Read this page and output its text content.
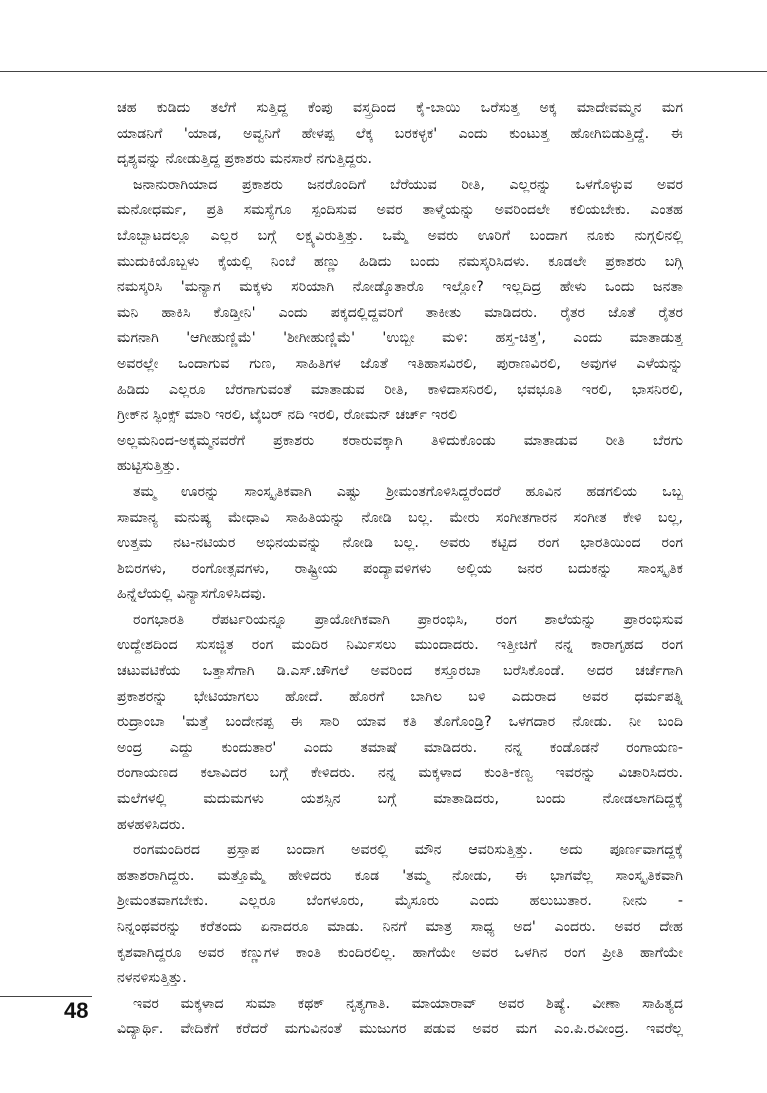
ಚಹ ಕುಡಿದು ತಲೆಗೆ ಸುತ್ತಿದ್ದ ಕೆಂಪು ವಸ್ತ್ರದಿಂದ ಕೈ-ಬಾಯಿ ಒರೆಸುತ್ತ ಅಕ್ಕ ಮಾದೇವಮ್ಮನ ಮಗ
ಯಾಡನಿಗೆ 'ಯಾಡ, ಅವ್ವನಿಗೆ ಹೇಳಪ್ಪ ಲೆಕ್ಕ ಬರಕಳ್ಳಕ' ಎಂದು ಕುಂಟುತ್ತ ಹೋಗಿಬಿಡುತ್ತಿದ್ದೆ. ಈ
ದೃಶ್ಯವನ್ನು ನೋಡುತ್ತಿದ್ದ ಪ್ರಕಾಶರು ಮನಸಾರೆ ನಗುತ್ತಿದ್ದರು.
ಜನಾನುರಾಗಿಯಾದ ಪ್ರಕಾಶರು ಜನರೊಂದಿಗೆ ಬೆರೆಯುವ ರೀತಿ, ಎಲ್ಲರನ್ನು ಒಳಗೊಳ್ಳುವ ಅವರ
ಮನೋಧರ್ಮ, ಪ್ರತಿ ಸಮಸ್ಯೆಗೂ ಸ್ಪಂದಿಸುವ ಅವರ ತಾಳ್ಮೆಯನ್ನು ಅವರಿಂದಲೇ ಕಲಿಯಬೇಕು. ಎಂತಹ
ಬೊಬ್ಬಾಟದಲ್ಲೂ ಎಲ್ಲರ ಬಗ್ಗೆ ಲಕ್ಷ್ಯವಿರುತ್ತಿತ್ತು. ಒಮ್ಮೆ ಅವರು ಊರಿಗೆ ಬಂದಾಗ ನೂಕು ನುಗ್ಗಲಿನಲ್ಲಿ
ಮುದುಕಿಯೊಬ್ಬಳು ಕೈಯಲ್ಲಿ ನಿಂಬೆ ಹಣ್ಣು ಹಿಡಿದು ಬಂದು ನಮಸ್ಕರಿಸಿದಳು. ಕೂಡಲೇ ಪ್ರಕಾಶರು ಬಗ್ಗಿ
ನಮಸ್ಕರಿಸಿ 'ಮನ್ಯಾಗ ಮಕ್ಕಳು ಸರಿಯಾಗಿ ನೋಡ್ಕೊತಾರೊ ಇಲ್ಲೋ? ಇಲ್ಲದಿದ್ರ ಹೇಳು ಒಂದು ಜನತಾ
ಮನಿ ಹಾಕಿಸಿ ಕೊಡ್ತೀನಿ' ಎಂದು ಪಕ್ಕದಲ್ಲಿದ್ದವರಿಗೆ ತಾಕೀತು ಮಾಡಿದರು. ರೈತರ ಜೊತೆ ರೈತರ
ಮಗನಾಗಿ 'ಆಗೀಹುಣ್ಣಿಮೆ' 'ಶೀಗೀಹುಣ್ಣಿಮೆ' 'ಉಬ್ಬೀ ಮಳಿ: ಹಸ್ತ-ಚಿತ್ತ', ಎಂದು ಮಾತಾಡುತ್ತ
ಅವರಲ್ಲೇ ಒಂದಾಗುವ ಗುಣ, ಸಾಹಿತಿಗಳ ಜೊತೆ ಇತಿಹಾಸವಿರಲಿ, ಪುರಾಣವಿರಲಿ, ಅವುಗಳ ಎಳೆಯನ್ನು
ಹಿಡಿದು ಎಲ್ಲರೂ ಬೆರಗಾಗುವಂತೆ ಮಾತಾಡುವ ರೀತಿ, ಕಾಳಿದಾಸನಿರಲಿ, ಭವಭೂತಿ ಇರಲಿ, ಭಾಸನಿರಲಿ,
ಗ್ರೀಕ್‌ನ ಸ್ಫಿಂಕ್ಸ್ ಮಾರಿ ಇರಲಿ, ಟೈಬರ್ ನದಿ ಇರಲಿ, ರೋಮನ್ ಚರ್ಚ್ ಇರಲಿ
ಅಲ್ಲಮನಿಂದ-ಅಕ್ಕಮ್ಮನವರೆಗೆ ಪ್ರಕಾಶರು ಕರಾರುವಕ್ಕಾಗಿ ತಿಳಿದುಕೊಂಡು ಮಾತಾಡುವ ರೀತಿ ಬೆರಗು
ಹುಟ್ಟಿಸುತ್ತಿತ್ತು.
ತಮ್ಮ ಊರನ್ನು ಸಾಂಸ್ಕೃತಿಕವಾಗಿ ಎಷ್ಟು ಶ್ರೀಮಂತಗೊಳಿಸಿದ್ದರೆಂದರೆ ಹೂವಿನ ಹಡಗಲಿಯ ಒಬ್ಬ
ಸಾಮಾನ್ಯ ಮನುಷ್ಯ ಮೇಧಾವಿ ಸಾಹಿತಿಯನ್ನು ನೋಡಿ ಬಲ್ಲ. ಮೇರು ಸಂಗೀತಗಾರನ ಸಂಗೀತ ಕೇಳಿ ಬಲ್ಲ,
ಉತ್ತಮ ನಟ-ನಟಿಯರ ಅಭಿನಯವನ್ನು ನೋಡಿ ಬಲ್ಲ. ಅವರು ಕಟ್ಟಿದ ರಂಗ ಭಾರತಿಯಿಂದ ರಂಗ
ಶಿಬಿರಗಳು, ರಂಗೋತ್ಸವಗಳು, ರಾಷ್ಟ್ರೀಯ ಪಂದ್ಯಾವಳಿಗಳು ಅಲ್ಲಿಯ ಜನರ ಬದುಕನ್ನು ಸಾಂಸ್ಕೃತಿಕ
ಹಿನ್ನೆಲೆಯಲ್ಲಿ ವಿನ್ಯಾಸಗೊಳಿಸಿದವು.
ರಂಗಭಾರತಿ ರೆಪರ್ಟರಿಯನ್ನೂ ಪ್ರಾಯೋಗಿಕವಾಗಿ ಪ್ರಾರಂಭಿಸಿ, ರಂಗ ಶಾಲೆಯನ್ನು ಪ್ರಾರಂಭಿಸುವ
ಉದ್ದೇಶದಿಂದ ಸುಸಜ್ಜಿತ ರಂಗ ಮಂದಿರ ನಿರ್ಮಿಸಲು ಮುಂದಾದರು. ಇತ್ತೀಚಿಗೆ ನನ್ನ ಕಾರಾಗೃಹದ ರಂಗ
ಚಟುವಟಿಕೆಯ ಒತ್ತಾಸೆಗಾಗಿ ಡಿ.ಎಸ್.ಚೌಗಲೆ ಅವರಿಂದ ಕಸ್ತೂರಬಾ ಬರೆಸಿಕೊಂಡೆ. ಅದರ ಚರ್ಚೆಗಾಗಿ
ಪ್ರಕಾಶರನ್ನು ಭೇಟಿಯಾಗಲು ಹೋದೆ. ಹೊರಗೆ ಬಾಗಿಲ ಬಳಿ ಎದುರಾದ ಅವರ ಧರ್ಮಪತ್ನಿ
ರುದ್ರಾಂಬಾ 'ಮತ್ತೆ ಬಂದೇನಪ್ಪ ಈ ಸಾರಿ ಯಾವ ಕತಿ ತೊಗೊಂಡ್ರಿ? ಒಳಗದಾರ ನೋಡು. ನೀ ಬಂದಿ
ಅಂದ್ರ ಎದ್ದು ಕುಂದುತಾರ' ಎಂದು ತಮಾಷೆ ಮಾಡಿದರು. ನನ್ನ ಕಂಡೊಡನೆ ರಂಗಾಯಣ-
ರಂಗಾಯಣದ ಕಲಾವಿದರ ಬಗ್ಗೆ ಕೇಳಿದರು. ನನ್ನ ಮಕ್ಕಳಾದ ಕುಂತಿ-ಕಣ್ವ ಇವರನ್ನು ವಿಚಾರಿಸಿದರು.
ಮಲೆಗಳಲ್ಲಿ ಮದುಮಗಳು ಯಶಸ್ಸಿನ ಬಗ್ಗೆ ಮಾತಾಡಿದರು, ಬಂದು ನೋಡಲಾಗದಿದ್ದಕ್ಕೆ
ಹಳಹಳಿಸಿದರು.
ರಂಗಮಂದಿರದ ಪ್ರಸ್ತಾಪ ಬಂದಾಗ ಅವರಲ್ಲಿ ಮೌನ ಆವರಿಸುತ್ತಿತ್ತು. ಅದು ಪೂರ್ಣವಾಗದ್ದಕ್ಕೆ
ಹತಾಶರಾಗಿದ್ದರು. ಮತ್ತೊಮ್ಮೆ ಹೇಳಿದರು ಕೂಡ 'ತಮ್ಮ ನೋಡು, ಈ ಭಾಗವೆಲ್ಲ ಸಾಂಸ್ಕೃತಿಕವಾಗಿ
ಶ್ರೀಮಂತವಾಗಬೇಕು. ಎಲ್ಲರೂ ಬೆಂಗಳೂರು, ಮೈಸೂರು ಎಂದು ಹಲುಬುತಾರ. ನೀನು -
ನಿನ್ನಂಥವರನ್ನು ಕರೆತಂದು ಏನಾದರೂ ಮಾಡು. ನಿನಗೆ ಮಾತ್ರ ಸಾಧ್ಯ ಅದ' ಎಂದರು. ಅವರ ದೇಹ
ಕೃಶವಾಗಿದ್ದರೂ ಅವರ ಕಣ್ಣುಗಳ ಕಾಂತಿ ಕುಂದಿರಲಿಲ್ಲ. ಹಾಗೆಯೇ ಅವರ ಒಳಗಿನ ರಂಗ ಪ್ರೀತಿ ಹಾಗೆಯೇ
ನಳನಳಿಸುತ್ತಿತ್ತು.
ಇವರ ಮಕ್ಕಳಾದ ಸುಮಾ ಕಥಕ್ ನೃತ್ಯಗಾತಿ. ಮಾಯಾರಾವ್ ಅವರ ಶಿಷ್ಯೆ. ವೀಣಾ ಸಾಹಿತ್ಯದ
ವಿದ್ಯಾರ್ಥಿ. ವೇದಿಕೆಗೆ ಕರೆದರೆ ಮಗುವಿನಂತೆ ಮುಜುಗರ ಪಡುವ ಅವರ ಮಗ ಎಂ.ಪಿ.ರವೀಂದ್ರ. ಇವರೆಲ್ಲ
48
